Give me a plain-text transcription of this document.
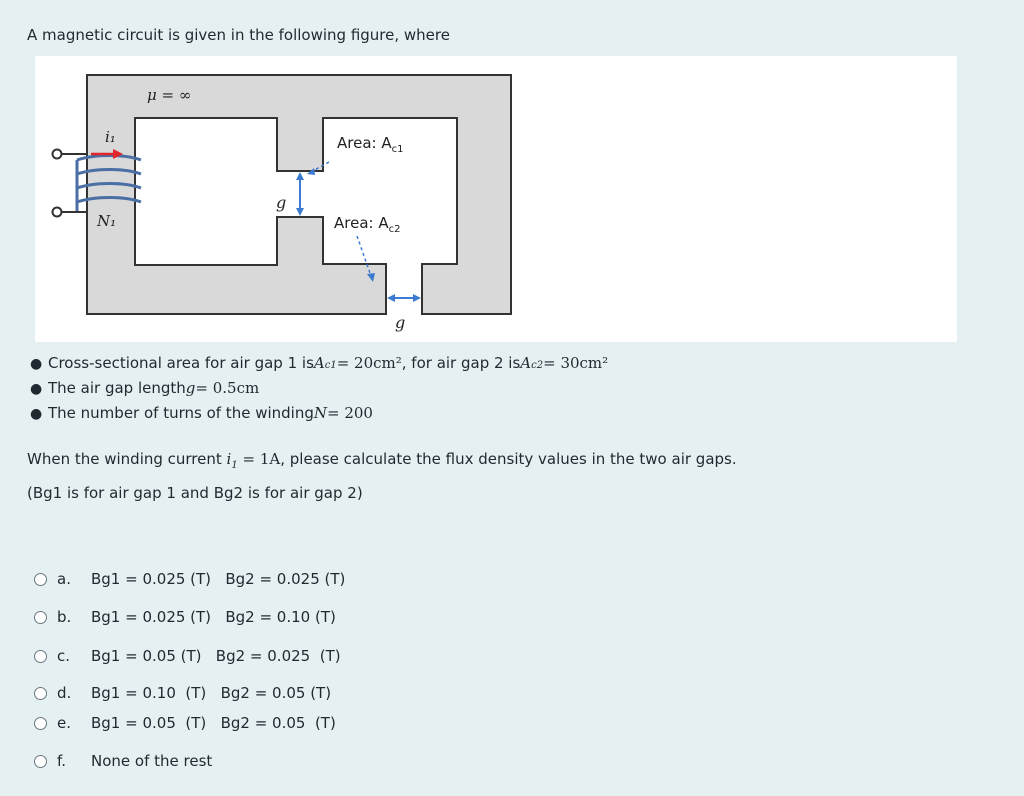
A magnetic circuit is given in the following figure, where
μ = ∞
i₁
N₁
g
Area: $A_{c1}$
Area: $A_{c2}$
g
● Cross-sectional area for air gap 1 is A c1 = 20cm² , for air gap 2 is A c2 = 30cm²
● The air gap length g = 0.5cm
● The number of turns of the winding N = 200
When the winding current $i_1 = 1A$, please calculate the flux density values in the two air gaps.
(Bg1 is for air gap 1 and Bg2 is for air gap 2)
a.	Bg1 = 0.025 (T)   Bg2 = 0.025 (T)
b.	Bg1 = 0.025 (T)   Bg2 = 0.10 (T)
c.	Bg1 = 0.05 (T)   Bg2 = 0.025  (T)
d.	Bg1 = 0.10  (T)   Bg2 = 0.05 (T)
e.	Bg1 = 0.05  (T)   Bg2 = 0.05  (T)
f.	None of the rest
